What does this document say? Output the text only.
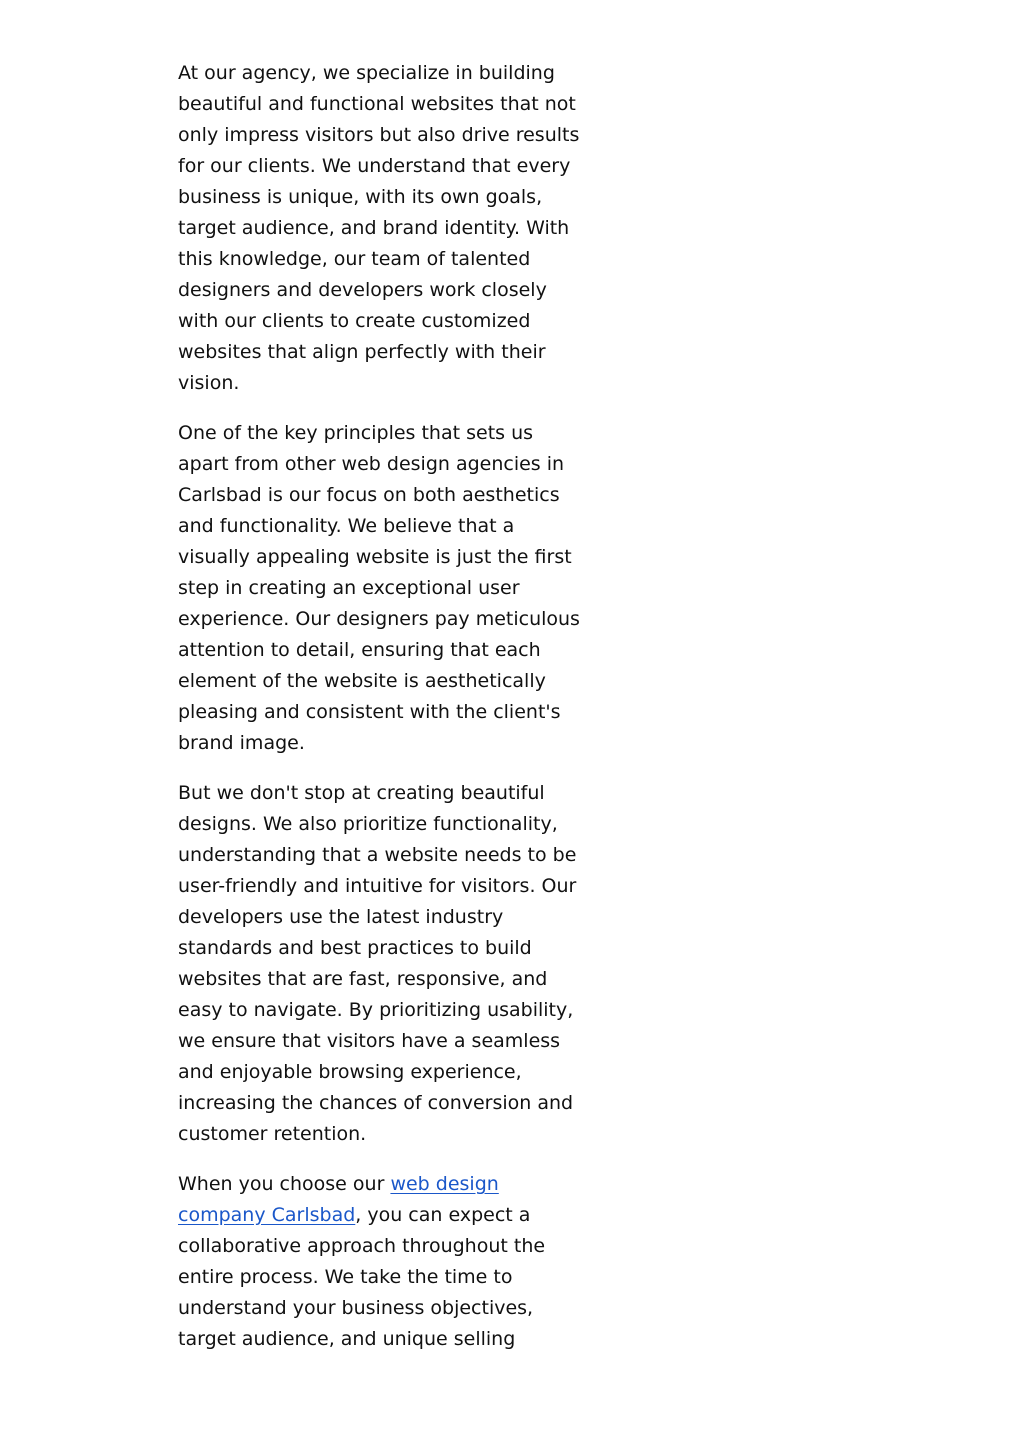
At our agency, we specialize in building
beautiful and functional websites that not
only impress visitors but also drive results
for our clients. We understand that every
business is unique, with its own goals,
target audience, and brand identity. With
this knowledge, our team of talented
designers and developers work closely
with our clients to create customized
websites that align perfectly with their
vision.
One of the key principles that sets us
apart from other web design agencies in
Carlsbad is our focus on both aesthetics
and functionality. We believe that a
visually appealing website is just the first
step in creating an exceptional user
experience. Our designers pay meticulous
attention to detail, ensuring that each
element of the website is aesthetically
pleasing and consistent with the client's
brand image.
But we don't stop at creating beautiful
designs. We also prioritize functionality,
understanding that a website needs to be
user-friendly and intuitive for visitors. Our
developers use the latest industry
standards and best practices to build
websites that are fast, responsive, and
easy to navigate. By prioritizing usability,
we ensure that visitors have a seamless
and enjoyable browsing experience,
increasing the chances of conversion and
customer retention.
When you choose our web design
company Carlsbad, you can expect a
collaborative approach throughout the
entire process. We take the time to
understand your business objectives,
target audience, and unique selling
